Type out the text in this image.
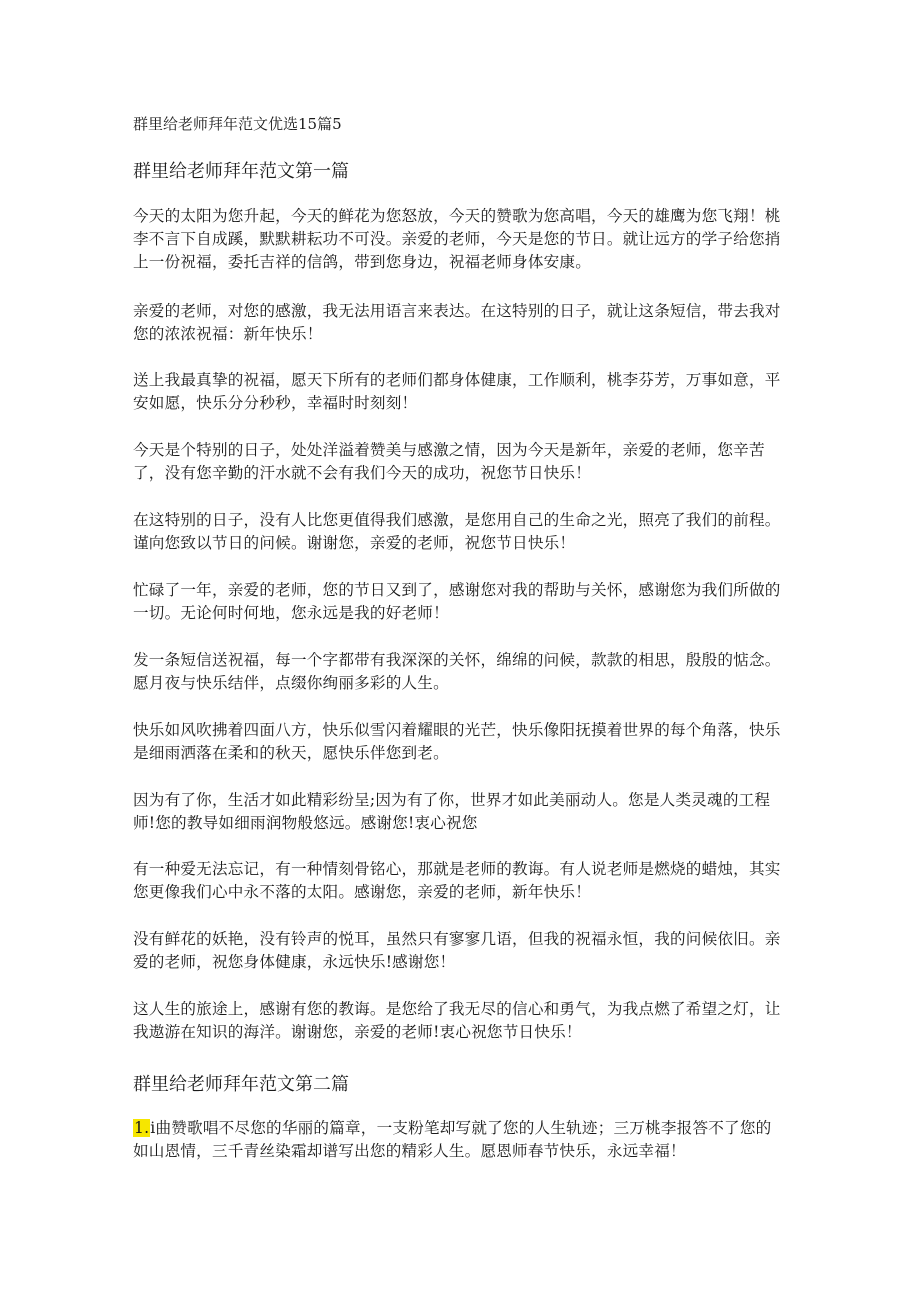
群里给老师拜年范文优选15篇5
群里给老师拜年范文第一篇

今天的太阳为您升起，今天的鲜花为您怒放，今天的赞歌为您高唱，今天的雄鹰为您飞翔！桃李不言下自成蹊，默默耕耘功不可没。亲爱的老师，今天是您的节日。就让远方的学子给您捎上一份祝福，委托吉祥的信鸽，带到您身边，祝福老师身体安康。

亲爱的老师，对您的感激，我无法用语言来表达。在这特别的日子，就让这条短信，带去我对您的浓浓祝福：新年快乐！

送上我最真挚的祝福，愿天下所有的老师们都身体健康，工作顺利，桃李芬芳，万事如意，平安如愿，快乐分分秒秒，幸福时时刻刻！

今天是个特别的日子，处处洋溢着赞美与感激之情，因为今天是新年，亲爱的老师，您辛苦了，没有您辛勤的汗水就不会有我们今天的成功，祝您节日快乐！

在这特别的日子，没有人比您更值得我们感激，是您用自己的生命之光，照亮了我们的前程。谨向您致以节日的问候。谢谢您，亲爱的老师，祝您节日快乐！

忙碌了一年，亲爱的老师，您的节日又到了，感谢您对我的帮助与关怀，感谢您为我们所做的一切。无论何时何地，您永远是我的好老师！

发一条短信送祝福，每一个字都带有我深深的关怀，绵绵的问候，款款的相思，殷殷的惦念。愿月夜与快乐结伴，点缀你绚丽多彩的人生。

快乐如风吹拂着四面八方，快乐似雪闪着耀眼的光芒，快乐像阳抚摸着世界的每个角落，快乐是细雨洒落在柔和的秋天，愿快乐伴您到老。

因为有了你，生活才如此精彩纷呈;因为有了你，世界才如此美丽动人。您是人类灵魂的工程师!您的教导如细雨润物般悠远。感谢您!衷心祝您

有一种爱无法忘记，有一种情刻骨铭心，那就是老师的教诲。有人说老师是燃烧的蜡烛，其实您更像我们心中永不落的太阳。感谢您，亲爱的老师，新年快乐！

没有鲜花的妖艳，没有铃声的悦耳，虽然只有寥寥几语，但我的祝福永恒，我的问候依旧。亲爱的老师，祝您身体健康，永远快乐!感谢您！

这人生的旅途上，感谢有您的教诲。是您给了我无尽的信心和勇气，为我点燃了希望之灯，让我遨游在知识的海洋。谢谢您，亲爱的老师!衷心祝您节日快乐！

群里给老师拜年范文第二篇

1.i曲赞歌唱不尽您的华丽的篇章，一支粉笔却写就了您的人生轨迹；三万桃李报答不了您的如山恩情，三千青丝染霜却谱写出您的精彩人生。愿恩师春节快乐，永远幸福！
